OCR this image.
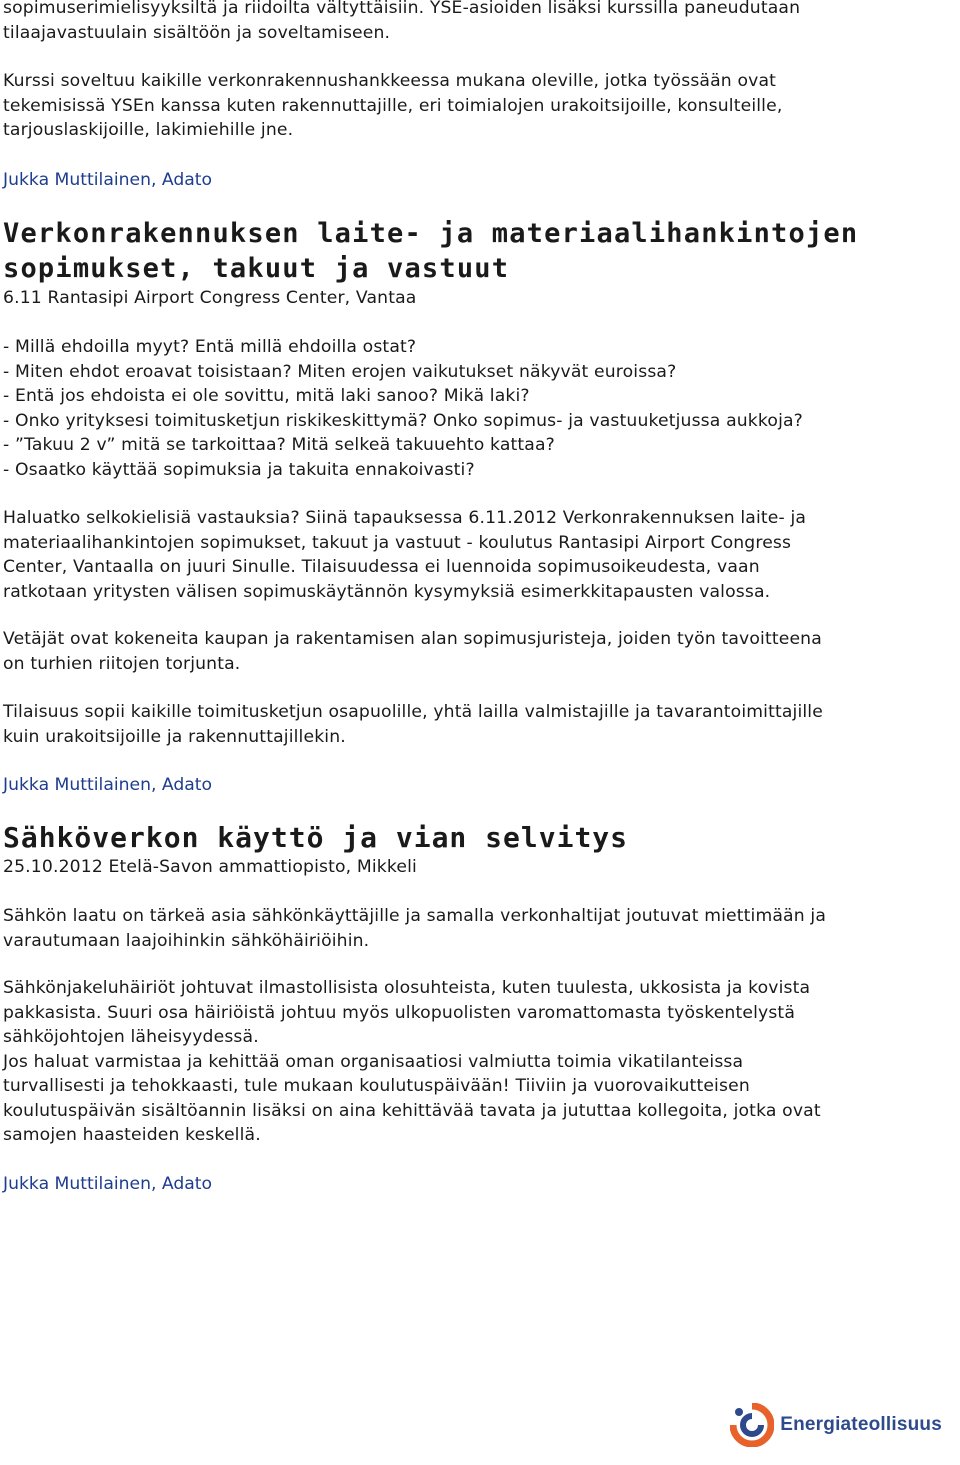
sopimuserimielisyyksiltä ja riidoilta vältyttäisiin. YSE-asioiden lisäksi kurssilla paneudutaan

tilaajavastuulain sisältöön ja soveltamiseen.

Kurssi soveltuu kaikille verkonrakennushankkeessa mukana oleville, jotka työssään ovat

tekemisissä YSEn kanssa kuten rakennuttajille, eri toimialojen urakoitsijoille, konsulteille,

tarjouslaskijoille, lakimiehille jne.

Jukka Muttilainen, Adato

Verkonrakennuksen laite- ja materiaalihankintojen

sopimukset, takuut ja vastuut

6.11 Rantasipi Airport Congress Center, Vantaa

- Millä ehdoilla myyt? Entä millä ehdoilla ostat?

- Miten ehdot eroavat toisistaan? Miten erojen vaikutukset näkyvät euroissa?

- Entä jos ehdoista ei ole sovittu, mitä laki sanoo? Mikä laki?

- Onko yrityksesi toimitusketjun riskikeskittymä? Onko sopimus- ja vastuuketjussa aukkoja?

- ”Takuu 2 v” mitä se tarkoittaa? Mitä selkeä takuuehto kattaa?

- Osaatko käyttää sopimuksia ja takuita ennakoivasti?

Haluatko selkokielisiä vastauksia? Siinä tapauksessa 6.11.2012 Verkonrakennuksen laite- ja

materiaalihankintojen sopimukset, takuut ja vastuut - koulutus Rantasipi Airport Congress

Center, Vantaalla on juuri Sinulle. Tilaisuudessa ei luennoida sopimusoikeudesta, vaan

ratkotaan yritysten välisen sopimuskäytännön kysymyksiä esimerkkitapausten valossa.

Vetäjät ovat kokeneita kaupan ja rakentamisen alan sopimusjuristeja, joiden työn tavoitteena

on turhien riitojen torjunta.

Tilaisuus sopii kaikille toimitusketjun osapuolille, yhtä lailla valmistajille ja tavarantoimittajille

kuin urakoitsijoille ja rakennuttajillekin.

Jukka Muttilainen, Adato

Sähköverkon käyttö ja vian selvitys

25.10.2012 Etelä-Savon ammattiopisto, Mikkeli

Sähkön laatu on tärkeä asia sähkönkäyttäjille ja samalla verkonhaltijat joutuvat miettimään ja

varautumaan laajoihinkin sähköhäiriöihin.

Sähkönjakeluhäiriöt johtuvat ilmastollisista olosuhteista, kuten tuulesta, ukkosista ja kovista

pakkasista. Suuri osa häiriöistä johtuu myös ulkopuolisten varomattomasta työskentelystä

sähköjohtojen läheisyydessä.

Jos haluat varmistaa ja kehittää oman organisaatiosi valmiutta toimia vikatilanteissa

turvallisesti ja tehokkaasti, tule mukaan koulutuspäivään! Tiiviin ja vuorovaikutteisen

koulutuspäivän sisältöannin lisäksi on aina kehittävää tavata ja jututtaa kollegoita, jotka ovat

samojen haasteiden keskellä.

Jukka Muttilainen, Adato

Energiateollisuus
